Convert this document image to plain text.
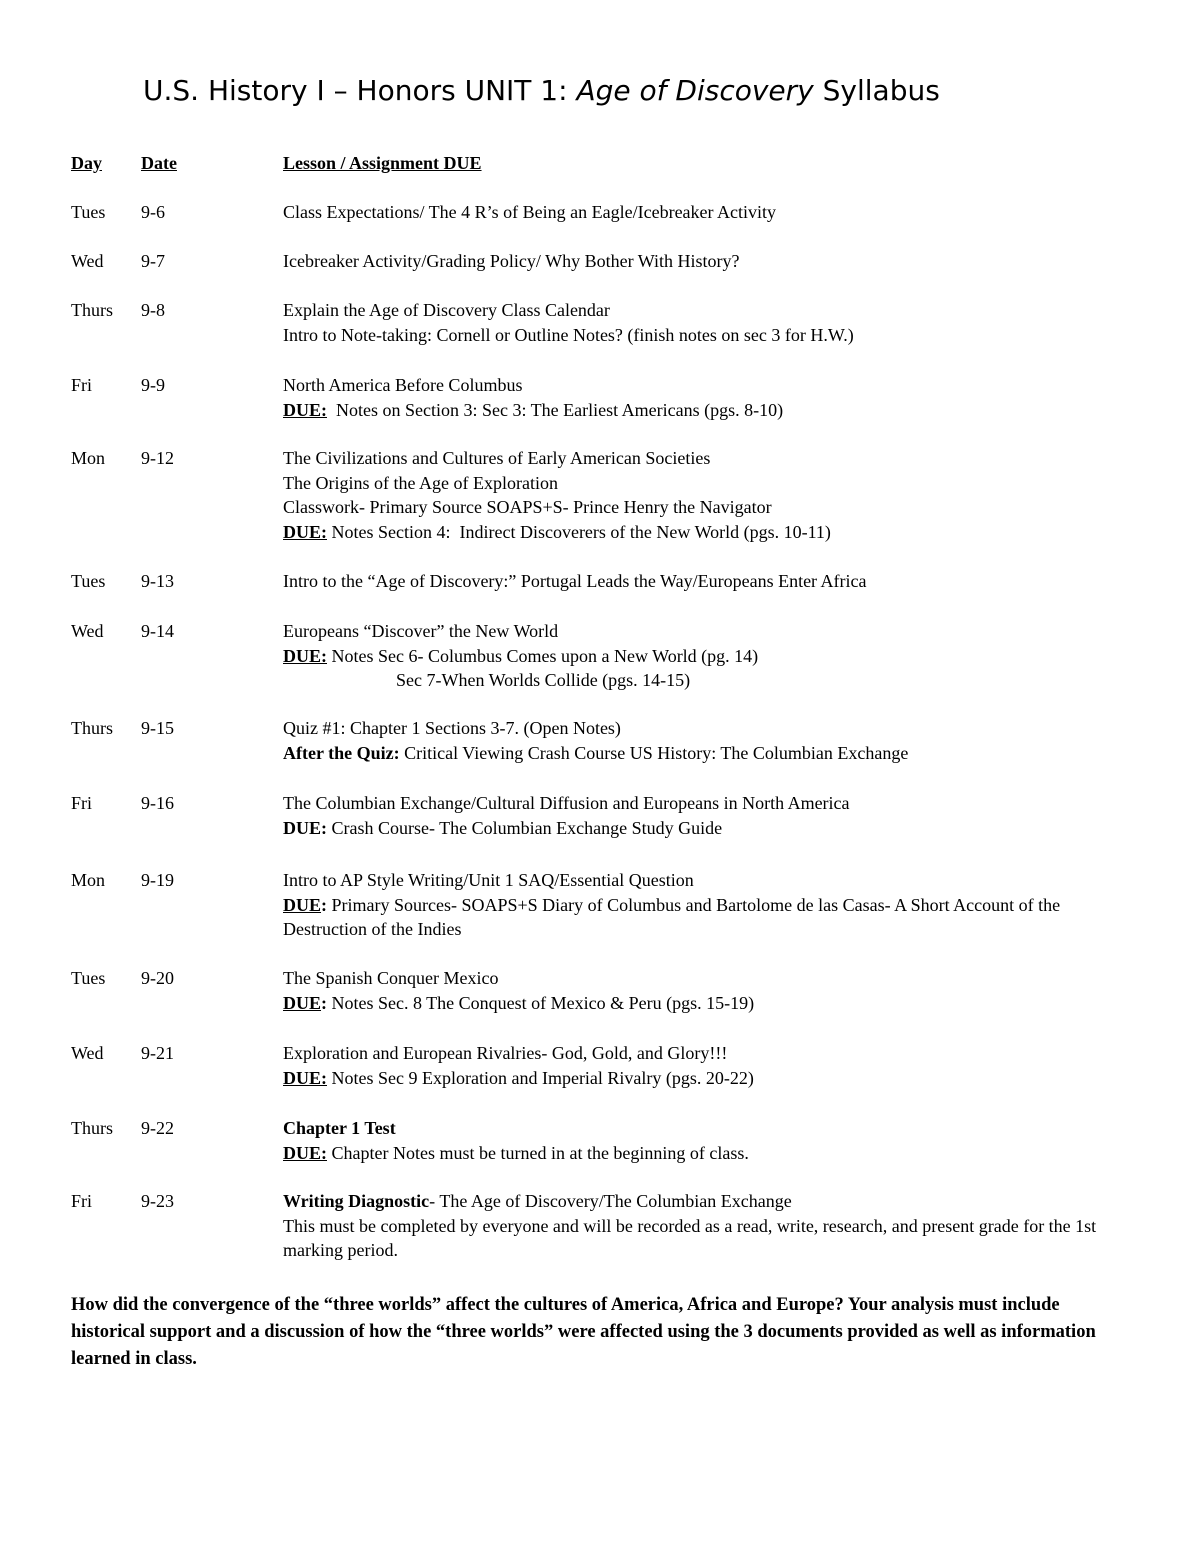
U.S. History I – Honors UNIT 1: Age of Discovery Syllabus
Day Date	Lesson / Assignment DUE
Tues 9-6	Class Expectations/ The 4 R’s of Being an Eagle/Icebreaker Activity
Wed 9-7	Icebreaker Activity/Grading Policy/ Why Bother With History?
Thurs 9-8	Explain the Age of Discovery Class Calendar
Intro to Note-taking: Cornell or Outline Notes? (finish notes on sec 3 for H.W.)
Fri	9-9	North America Before Columbus
DUE:  Notes on Section 3: Sec 3: The Earliest Americans (pgs. 8-10)
Mon 9-12	The Civilizations and Cultures of Early American Societies
The Origins of the Age of Exploration
Classwork- Primary Source SOAPS+S- Prince Henry the Navigator
DUE: Notes Section 4:  Indirect Discoverers of the New World (pgs. 10-11)
Tues 9-13	Intro to the “Age of Discovery:” Portugal Leads the Way/Europeans Enter Africa
Wed 9-14	Europeans “Discover” the New World
DUE: Notes Sec 6- Columbus Comes upon a New World (pg. 14)
Sec 7-When Worlds Collide (pgs. 14-15)
Thurs 9-15	Quiz #1: Chapter 1 Sections 3-7. (Open Notes)
After the Quiz: Critical Viewing Crash Course US History: The Columbian Exchange
Fri	9-16	The Columbian Exchange/Cultural Diffusion and Europeans in North America
DUE: Crash Course- The Columbian Exchange Study Guide
Mon 9-19	Intro to AP Style Writing/Unit 1 SAQ/Essential Question
DUE: Primary Sources- SOAPS+S Diary of Columbus and Bartolome de las Casas- A Short Account of the Destruction of the Indies
Tues 9-20	The Spanish Conquer Mexico
DUE: Notes Sec. 8 The Conquest of Mexico & Peru (pgs. 15-19)
Wed 9-21	Exploration and European Rivalries- God, Gold, and Glory!!!
DUE: Notes Sec 9 Exploration and Imperial Rivalry (pgs. 20-22)
Thurs 9-22	Chapter 1 Test
DUE: Chapter Notes must be turned in at the beginning of class.
Fri	9-23	Writing Diagnostic- The Age of Discovery/The Columbian Exchange
This must be completed by everyone and will be recorded as a read, write, research, and present grade for the 1st marking period.

How did the convergence of the “three worlds” affect the cultures of America, Africa and Europe? Your analysis must include historical support and a discussion of how the “three worlds” were affected using the 3 documents provided as well as information learned in class.
